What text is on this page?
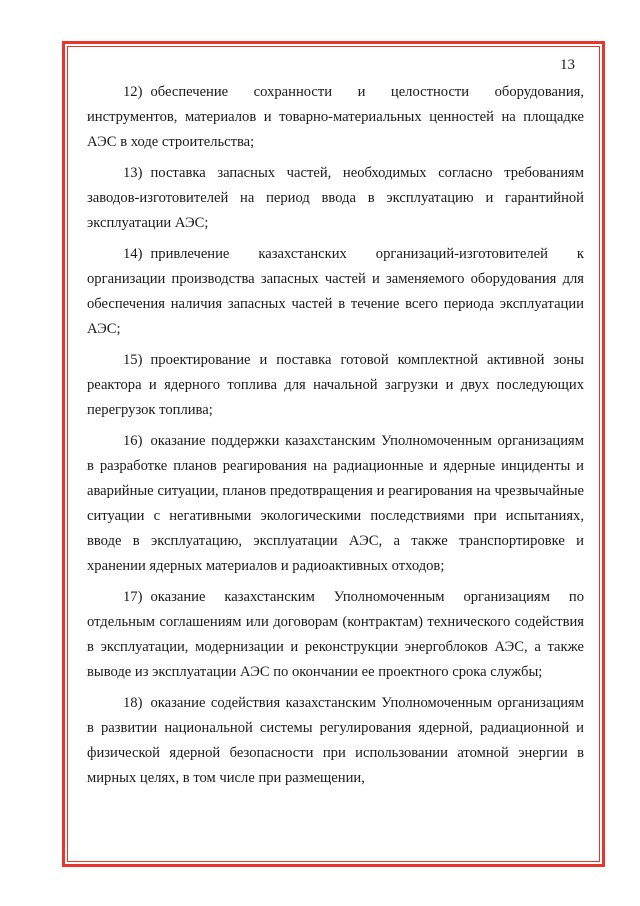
13

12) обеспечение сохранности и целостности оборудования, инструментов, материалов и товарно-материальных ценностей на площадке АЭС в ходе строительства;

13) поставка запасных частей, необходимых согласно требованиям заводов-изготовителей на период ввода в эксплуатацию и гарантийной эксплуатации АЭС;

14) привлечение казахстанских организаций-изготовителей к организации производства запасных частей и заменяемого оборудования для обеспечения наличия запасных частей в течение всего периода эксплуатации АЭС;

15) проектирование и поставка готовой комплектной активной зоны реактора и ядерного топлива для начальной загрузки и двух последующих перегрузок топлива;

16) оказание поддержки казахстанским Уполномоченным организациям в разработке планов реагирования на радиационные и ядерные инциденты и аварийные ситуации, планов предотвращения и реагирования на чрезвычайные ситуации с негативными экологическими последствиями при испытаниях, вводе в эксплуатацию, эксплуатации АЭС, а также транспортировке и хранении ядерных материалов и радиоактивных отходов;

17) оказание казахстанским Уполномоченным организациям по отдельным соглашениям или договорам (контрактам) технического содействия в эксплуатации, модернизации и реконструкции энергоблоков АЭС, а также выводе из эксплуатации АЭС по окончании ее проектного срока службы;

18) оказание содействия казахстанским Уполномоченным организациям в развитии национальной системы регулирования ядерной, радиационной и физической ядерной безопасности при использовании атомной энергии в мирных целях, в том числе при размещении,
